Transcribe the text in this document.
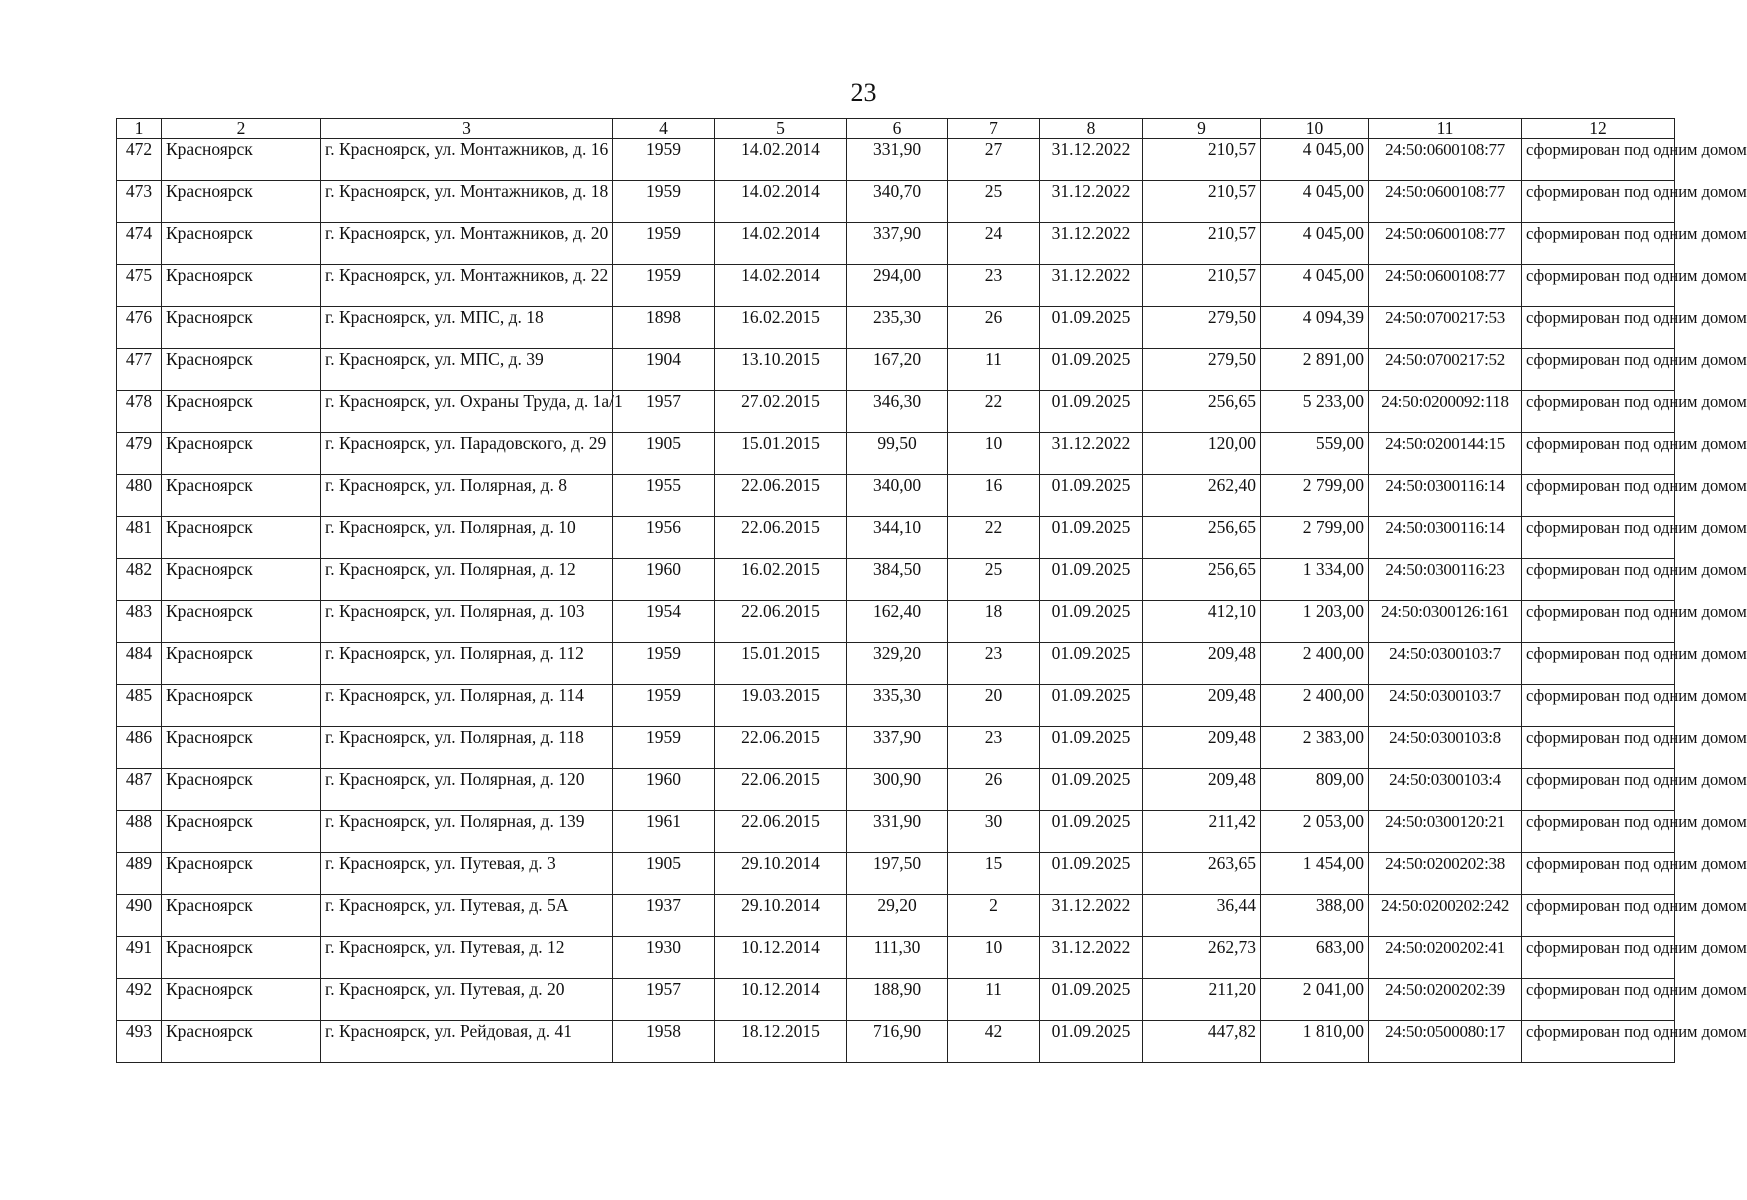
23
1	2	3	4	5	6	7	8	9	10	11	12
472	Красноярск	г. Красноярск, ул. Монтажников, д. 16	1959	14.02.2014	331,90	27	31.12.2022	210,57	4 045,00	24:50:0600108:77	сформирован под одним домом
473	Красноярск	г. Красноярск, ул. Монтажников, д. 18	1959	14.02.2014	340,70	25	31.12.2022	210,57	4 045,00	24:50:0600108:77	сформирован под одним домом
474	Красноярск	г. Красноярск, ул. Монтажников, д. 20	1959	14.02.2014	337,90	24	31.12.2022	210,57	4 045,00	24:50:0600108:77	сформирован под одним домом
475	Красноярск	г. Красноярск, ул. Монтажников, д. 22	1959	14.02.2014	294,00	23	31.12.2022	210,57	4 045,00	24:50:0600108:77	сформирован под одним домом
476	Красноярск	г. Красноярск, ул. МПС, д. 18	1898	16.02.2015	235,30	26	01.09.2025	279,50	4 094,39	24:50:0700217:53	сформирован под одним домом
477	Красноярск	г. Красноярск, ул. МПС, д. 39	1904	13.10.2015	167,20	11	01.09.2025	279,50	2 891,00	24:50:0700217:52	сформирован под одним домом
478	Красноярск	г. Красноярск, ул. Охраны Труда, д. 1а/1	1957	27.02.2015	346,30	22	01.09.2025	256,65	5 233,00	24:50:0200092:118	сформирован под одним домом
479	Красноярск	г. Красноярск, ул. Парадовского, д. 29	1905	15.01.2015	99,50	10	31.12.2022	120,00	559,00	24:50:0200144:15	сформирован под одним домом
480	Красноярск	г. Красноярск, ул. Полярная, д. 8	1955	22.06.2015	340,00	16	01.09.2025	262,40	2 799,00	24:50:0300116:14	сформирован под одним домом
481	Красноярск	г. Красноярск, ул. Полярная, д. 10	1956	22.06.2015	344,10	22	01.09.2025	256,65	2 799,00	24:50:0300116:14	сформирован под одним домом
482	Красноярск	г. Красноярск, ул. Полярная, д. 12	1960	16.02.2015	384,50	25	01.09.2025	256,65	1 334,00	24:50:0300116:23	сформирован под одним домом
483	Красноярск	г. Красноярск, ул. Полярная, д. 103	1954	22.06.2015	162,40	18	01.09.2025	412,10	1 203,00	24:50:0300126:161	сформирован под одним домом
484	Красноярск	г. Красноярск, ул. Полярная, д. 112	1959	15.01.2015	329,20	23	01.09.2025	209,48	2 400,00	24:50:0300103:7	сформирован под одним домом
485	Красноярск	г. Красноярск, ул. Полярная, д. 114	1959	19.03.2015	335,30	20	01.09.2025	209,48	2 400,00	24:50:0300103:7	сформирован под одним домом
486	Красноярск	г. Красноярск, ул. Полярная, д. 118	1959	22.06.2015	337,90	23	01.09.2025	209,48	2 383,00	24:50:0300103:8	сформирован под одним домом
487	Красноярск	г. Красноярск, ул. Полярная, д. 120	1960	22.06.2015	300,90	26	01.09.2025	209,48	809,00	24:50:0300103:4	сформирован под одним домом
488	Красноярск	г. Красноярск, ул. Полярная, д. 139	1961	22.06.2015	331,90	30	01.09.2025	211,42	2 053,00	24:50:0300120:21	сформирован под одним домом
489	Красноярск	г. Красноярск, ул. Путевая, д. 3	1905	29.10.2014	197,50	15	01.09.2025	263,65	1 454,00	24:50:0200202:38	сформирован под одним домом
490	Красноярск	г. Красноярск, ул. Путевая, д. 5А	1937	29.10.2014	29,20	2	31.12.2022	36,44	388,00	24:50:0200202:242	сформирован под одним домом
491	Красноярск	г. Красноярск, ул. Путевая, д. 12	1930	10.12.2014	111,30	10	31.12.2022	262,73	683,00	24:50:0200202:41	сформирован под одним домом
492	Красноярск	г. Красноярск, ул. Путевая, д. 20	1957	10.12.2014	188,90	11	01.09.2025	211,20	2 041,00	24:50:0200202:39	сформирован под одним домом
493	Красноярск	г. Красноярск, ул. Рейдовая, д. 41	1958	18.12.2015	716,90	42	01.09.2025	447,82	1 810,00	24:50:0500080:17	сформирован под одним домом
